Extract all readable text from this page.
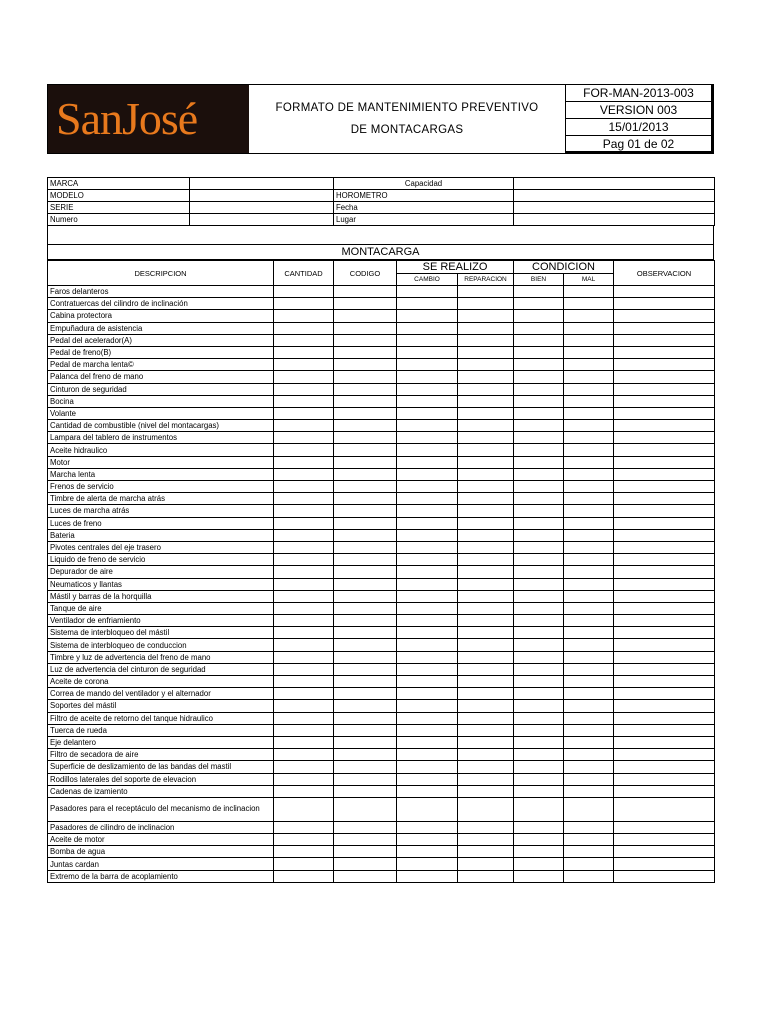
SanJosé	FORMATO DE MANTENIMIENTO PREVENTIVO DE MONTACARGAS
FOR-MAN-2013-003
VERSION 003
15/01/2013
Pag 01 de 02
MARCA		Capacidad	
MODELO		HOROMETRO	
SERIE		Fecha	
Numero		Lugar	
MONTACARGA
DESCRIPCION	CANTIDAD	CODIGO	SE REALIZO		CONDICION		OBSERVACION
			CAMBIO	REPARACION	BIEN	MAL	
Faros delanteros							
Contratuercas del cilindro de inclinación							
Cabina protectora							
Empuñadura de asistencia							
Pedal del acelerador(A)							
Pedal de freno(B)							
Pedal de marcha lenta©							
Palanca del freno de mano							
Cinturon de seguridad							
Bocina							
Volante							
Cantidad de combustible (nivel del montacargas)							
Lampara del tablero de instrumentos							
Aceite hidraulico							
Motor							
Marcha lenta							
Frenos de servicio							
Timbre de alerta de marcha atrás							
Luces de marcha atrás							
Luces de freno							
Bateria							
Pivotes centrales del eje trasero							
Liquido de freno de servicio							
Depurador de aire							
Neumaticos y llantas							
Mástil y barras de la horquilla							
Tanque de aire							
Ventilador de enfriamiento							
Sistema de interbloqueo del mástil							
Sistema de interbloqueo de conduccion							
Timbre y luz de advertencia del freno de mano							
Luz de advertencia del cinturon de seguridad							
Aceite de corona							
Correa de mando del ventilador y el alternador							
Soportes del mástil							
Filtro de aceite de retorno del tanque hidraulico							
Tuerca de rueda							
Eje delantero							
Filtro de secadora de aire							
Superficie de deslizamiento de las bandas del mastil							
Rodillos laterales del soporte de elevacion							
Cadenas de izamiento							
Pasadores para el receptáculo del mecanismo de inclinacion							
Pasadores de cilindro de inclinacion							
Aceite de motor							
Bomba de agua							
Juntas cardan							
Extremo de la barra de acoplamiento							
